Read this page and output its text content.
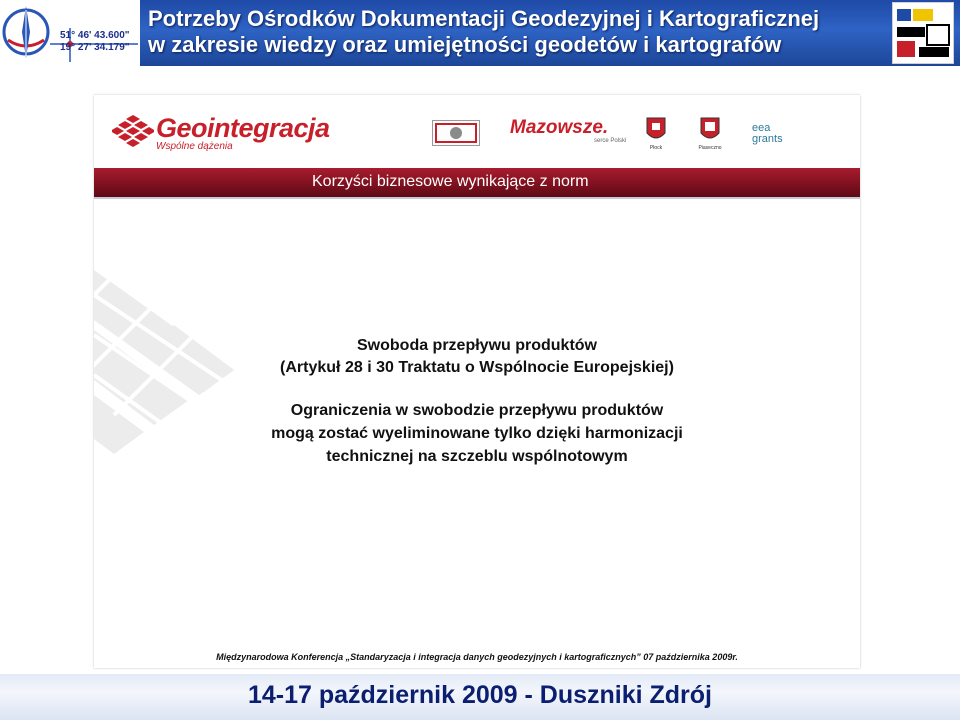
51° 46' 43.600"
19° 27' 34.179"
Potrzeby Ośrodków Dokumentacji Geodezyjnej i Kartograficznej
w zakresie wiedzy oraz umiejętności geodetów i kartografów
Geointegracja
Wspólne dążenia
Mazowsze.
serce Polski
Płock	Piaseczno
eea
grants
Korzyści biznesowe wynikające z norm
Swoboda przepływu produktów
(Artykuł 28 i 30 Traktatu o Wspólnocie Europejskiej)
Ograniczenia w swobodzie przepływu produktów
mogą zostać wyeliminowane tylko dzięki harmonizacji
technicznej na szczeblu wspólnotowym
Międzynarodowa Konferencja „Standaryzacja i integracja danych geodezyjnych i kartograficznych” 07 października 2009r.
14-17 październik 2009 - Duszniki Zdrój
